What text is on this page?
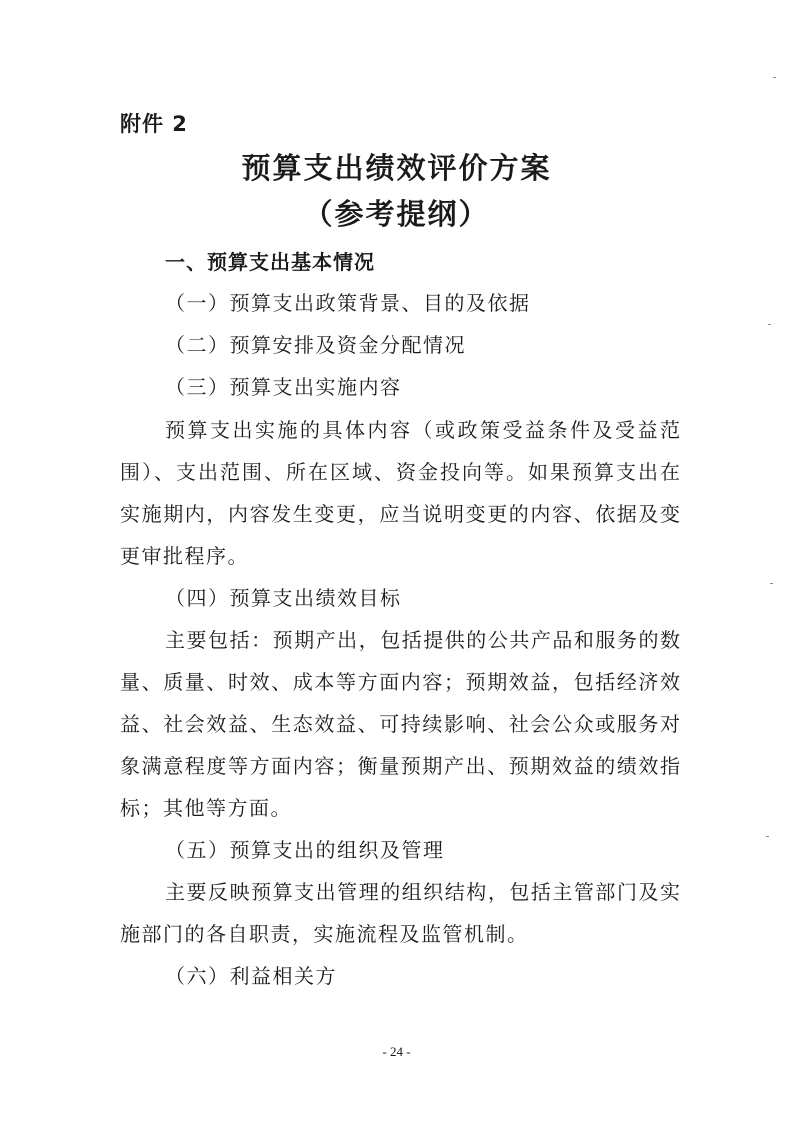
附件 2
预算支出绩效评价方案
（参考提纲）
一、预算支出基本情况
（一）预算支出政策背景、目的及依据
（二）预算安排及资金分配情况
（三）预算支出实施内容
预算支出实施的具体内容（或政策受益条件及受益范
围）、支出范围、所在区域、资金投向等。如果预算支出在
实施期内，内容发生变更，应当说明变更的内容、依据及变
更审批程序。
（四）预算支出绩效目标
主要包括：预期产出，包括提供的公共产品和服务的数
量、质量、时效、成本等方面内容；预期效益，包括经济效
益、社会效益、生态效益、可持续影响、社会公众或服务对
象满意程度等方面内容；衡量预期产出、预期效益的绩效指
标；其他等方面。
（五）预算支出的组织及管理
主要反映预算支出管理的组织结构，包括主管部门及实
施部门的各自职责，实施流程及监管机制。
（六）利益相关方
- 24 -
